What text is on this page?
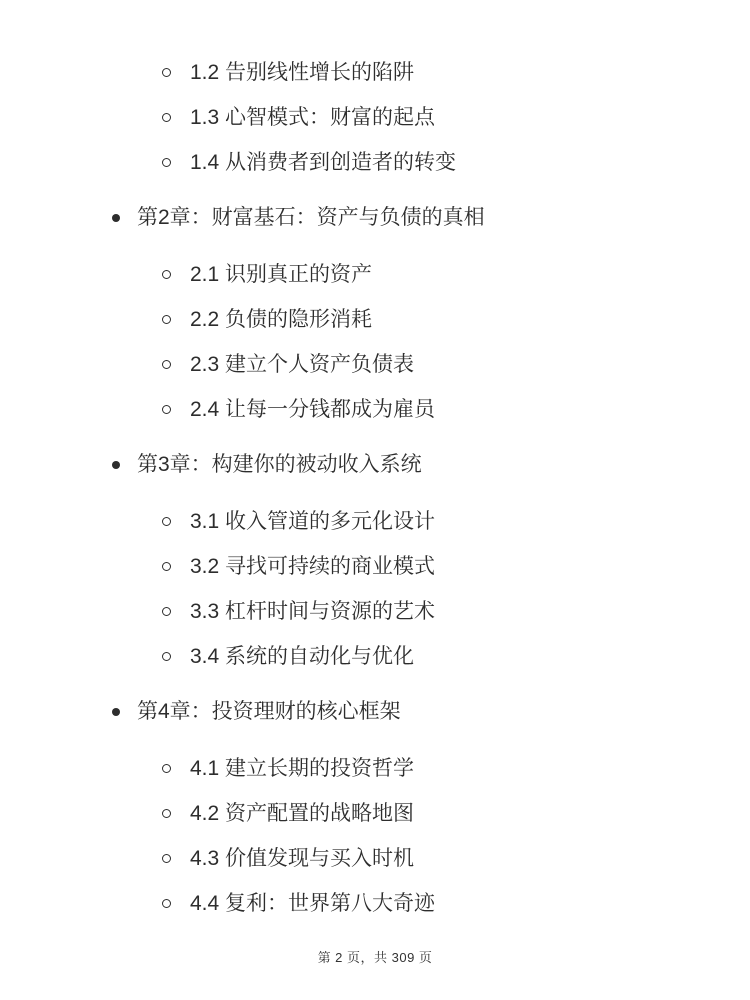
1.2 告别线性增长的陷阱
1.3 心智模式：财富的起点
1.4 从消费者到创造者的转变
第2章：财富基石：资产与负债的真相
2.1 识别真正的资产
2.2 负债的隐形消耗
2.3 建立个人资产负债表
2.4 让每一分钱都成为雇员
第3章：构建你的被动收入系统
3.1 收入管道的多元化设计
3.2 寻找可持续的商业模式
3.3 杠杆时间与资源的艺术
3.4 系统的自动化与优化
第4章：投资理财的核心框架
4.1 建立长期的投资哲学
4.2 资产配置的战略地图
4.3 价值发现与买入时机
4.4 复利：世界第八大奇迹
第 2 页，共 309 页
